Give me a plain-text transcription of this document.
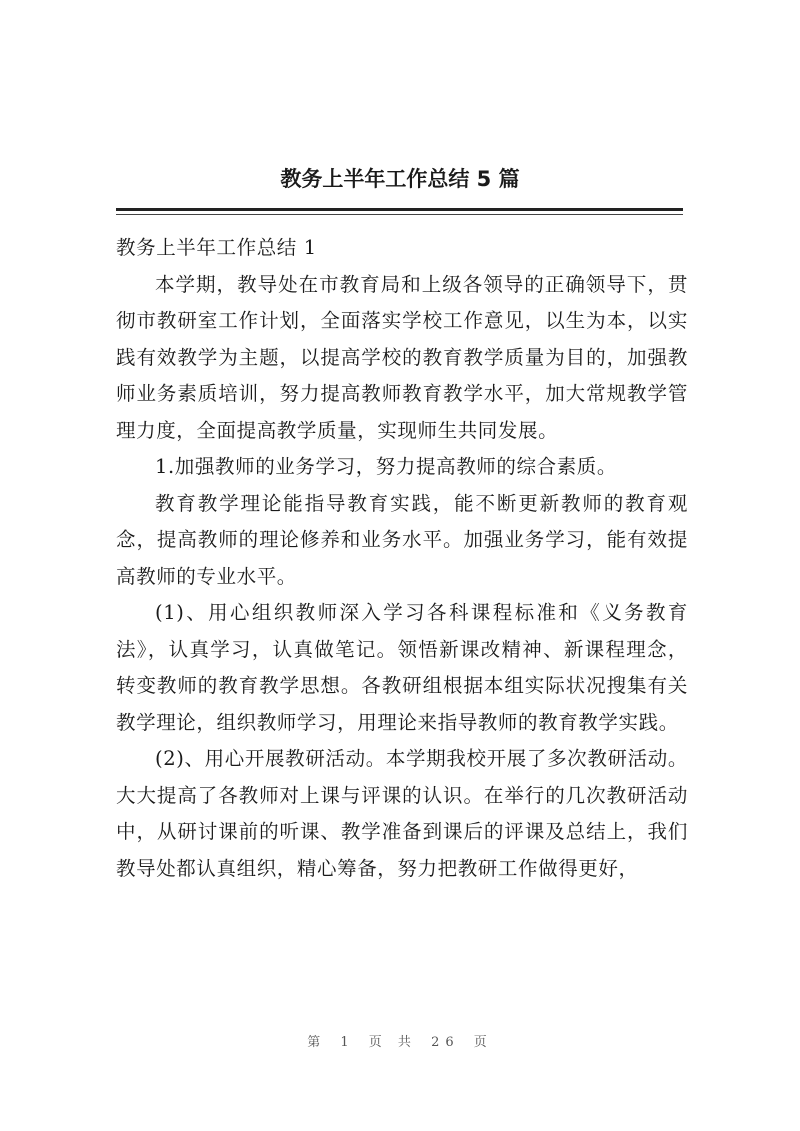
教务上半年工作总结 5 篇

教务上半年工作总结 1

本学期，教导处在市教育局和上级各领导的正确领导下，贯彻市教研室工作计划，全面落实学校工作意见，以生为本，以实践有效教学为主题，以提高学校的教育教学质量为目的，加强教师业务素质培训，努力提高教师教育教学水平，加大常规教学管理力度，全面提高教学质量，实现师生共同发展。

1.加强教师的业务学习，努力提高教师的综合素质。

教育教学理论能指导教育实践，能不断更新教师的教育观念，提高教师的理论修养和业务水平。加强业务学习，能有效提高教师的专业水平。

(1)、用心组织教师深入学习各科课程标准和《义务教育法》，认真学习，认真做笔记。领悟新课改精神、新课程理念，转变教师的教育教学思想。各教研组根据本组实际状况搜集有关教学理论，组织教师学习，用理论来指导教师的教育教学实践。

(2)、用心开展教研活动。本学期我校开展了多次教研活动。大大提高了各教师对上课与评课的认识。在举行的几次教研活动中，从研讨课前的听课、教学准备到课后的评课及总结上，我们教导处都认真组织，精心筹备，努力把教研工作做得更好，

第 1 页 共 26 页
